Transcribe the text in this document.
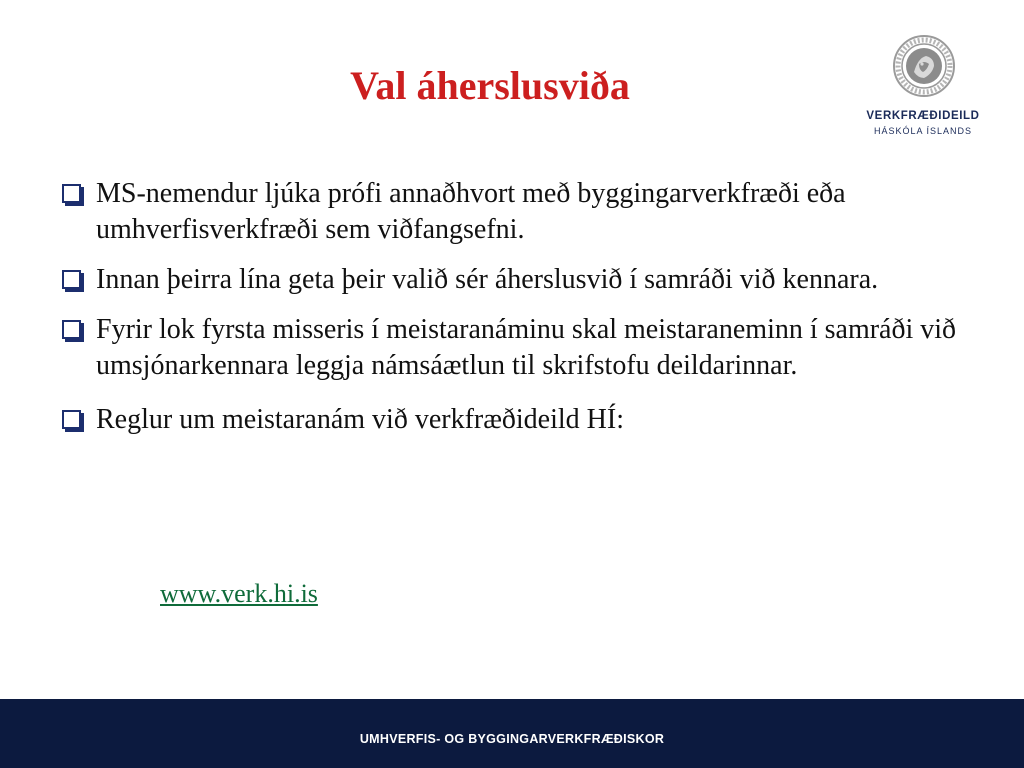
Val áherslusviða
VERKFRÆÐIDEILD
HÁSKÓLA ÍSLANDS
MS-nemendur ljúka prófi annaðhvort með byggingarverkfræði eða umhverfisverkfræði sem viðfangsefni.
Innan þeirra lína geta þeir valið sér áherslusvið í samráði við kennara.
Fyrir lok fyrsta misseris í meistaranáminu skal meistaraneminn í samráði við umsjónarkennara leggja námsáætlun til skrifstofu deildarinnar.
Reglur um meistaranám við verkfræðideild HÍ:
www.verk.hi.is
UMHVERFIS- OG BYGGINGARVERKFRÆÐISKOR
